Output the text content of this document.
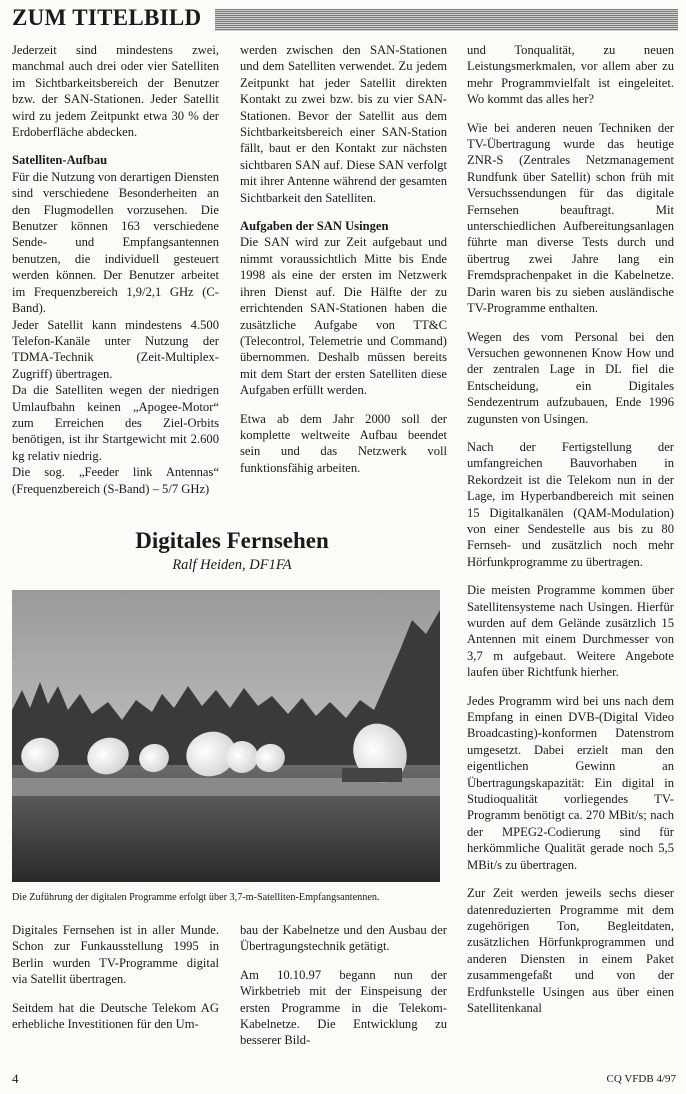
ZUM TITELBILD

Jederzeit sind mindestens zwei, manchmal auch drei oder vier Satelliten im Sichtbarkeitsbereich der Benutzer bzw. der SAN-Stationen. Jeder Satellit wird zu jedem Zeitpunkt etwa 30 % der Erdoberfläche abdecken.

Satelliten-Aufbau

Für die Nutzung von derartigen Diensten sind verschiedene Besonderheiten an den Flugmodellen vorzusehen. Die Benutzer können 163 verschiedene Sende- und Empfangsantennen benutzen, die individuell gesteuert werden können. Der Benutzer arbeitet im Frequenzbereich 1,9/2,1 GHz (C-Band).

Jeder Satellit kann mindestens 4.500 Telefon-Kanäle unter Nutzung der TDMA-Technik (Zeit-Multiplex-Zugriff) übertragen.

Da die Satelliten wegen der niedrigen Umlaufbahn keinen „Apogee-Motor“ zum Erreichen des Ziel-Orbits benötigen, ist ihr Startgewicht mit 2.600 kg relativ niedrig.

Die sog. „Feeder link Antennas“ (Frequenzbereich (S-Band) – 5/7 GHz)

werden zwischen den SAN-Stationen und dem Satelliten verwendet. Zu jedem Zeitpunkt hat jeder Satellit direkten Kontakt zu zwei bzw. bis zu vier SAN-Stationen. Bevor der Satellit aus dem Sichtbarkeitsbereich einer SAN-Station fällt, baut er den Kontakt zur nächsten sichtbaren SAN auf. Diese SAN verfolgt mit ihrer Antenne während der gesamten Sichtbarkeit den Satelliten.

Aufgaben der SAN Usingen

Die SAN wird zur Zeit aufgebaut und nimmt voraussichtlich Mitte bis Ende 1998 als eine der ersten im Netzwerk ihren Dienst auf. Die Hälfte der zu errichtenden SAN-Stationen haben die zusätzliche Aufgabe von TT&C (Telecontrol, Telemetrie und Command) übernommen. Deshalb müssen bereits mit dem Start der ersten Satelliten diese Aufgaben erfüllt werden.

Etwa ab dem Jahr 2000 soll der komplette weltweite Aufbau beendet sein und das Netzwerk voll funktionsfähig arbeiten.

Digitales Fernsehen
Ralf Heiden, DF1FA
Die Zuführung der digitalen Programme erfolgt über 3,7-m-Satelliten-Empfangsantennen.

Digitales Fernsehen ist in aller Munde. Schon zur Funkausstellung 1995 in Berlin wurden TV-Programme digital via Satellit übertragen.

Seitdem hat die Deutsche Telekom AG erhebliche Investitionen für den Um-

bau der Kabelnetze und den Ausbau der Übertragungstechnik getätigt.

Am 10.10.97 begann nun der Wirkbetrieb mit der Einspeisung der ersten Programme in die Telekom-Kabelnetze. Die Entwicklung zu besserer Bild-

und Tonqualität, zu neuen Leistungsmerkmalen, vor allem aber zu mehr Programmvielfalt ist eingeleitet. Wo kommt das alles her?

Wie bei anderen neuen Techniken der TV-Übertragung wurde das heutige ZNR-S (Zentrales Netzmanagement Rundfunk über Satellit) schon früh mit Versuchssendungen für das digitale Fernsehen beauftragt. Mit unterschiedlichen Aufbereitungsanlagen führte man diverse Tests durch und übertrug zwei Jahre lang ein Fremdsprachenpaket in die Kabelnetze. Darin waren bis zu sieben ausländische TV-Programme enthalten.

Wegen des vom Personal bei den Versuchen gewonnenen Know How und der zentralen Lage in DL fiel die Entscheidung, ein Digitales Sendezentrum aufzubauen, Ende 1996 zugunsten von Usingen.

Nach der Fertigstellung der umfangreichen Bauvorhaben in Rekordzeit ist die Telekom nun in der Lage, im Hyperbandbereich mit seinen 15 Digitalkanälen (QAM-Modulation) von einer Sendestelle aus bis zu 80 Fernseh- und zusätzlich noch mehr Hörfunkprogramme zu übertragen.

Die meisten Programme kommen über Satellitensysteme nach Usingen. Hierfür wurden auf dem Gelände zusätzlich 15 Antennen mit einem Durchmesser von 3,7 m aufgebaut. Weitere Angebote laufen über Richtfunk hierher.

Jedes Programm wird bei uns nach dem Empfang in einen DVB-(Digital Video Broadcasting)-konformen Datenstrom umgesetzt. Dabei erzielt man den eigentlichen Gewinn an Übertragungskapazität: Ein digital in Studioqualität vorliegendes TV-Programm benötigt ca. 270 MBit/s; nach der MPEG2-Codierung sind für herkömmliche Qualität gerade noch 5,5 MBit/s zu übertragen.

Zur Zeit werden jeweils sechs dieser datenreduzierten Programme mit dem zugehörigen Ton, Begleitdaten, zusätzlichen Hörfunkprogrammen und anderen Diensten in einem Paket zusammengefaßt und von der Erdfunkstelle Usingen aus über einen Satellitenkanal

4	CQ VFDB 4/97
